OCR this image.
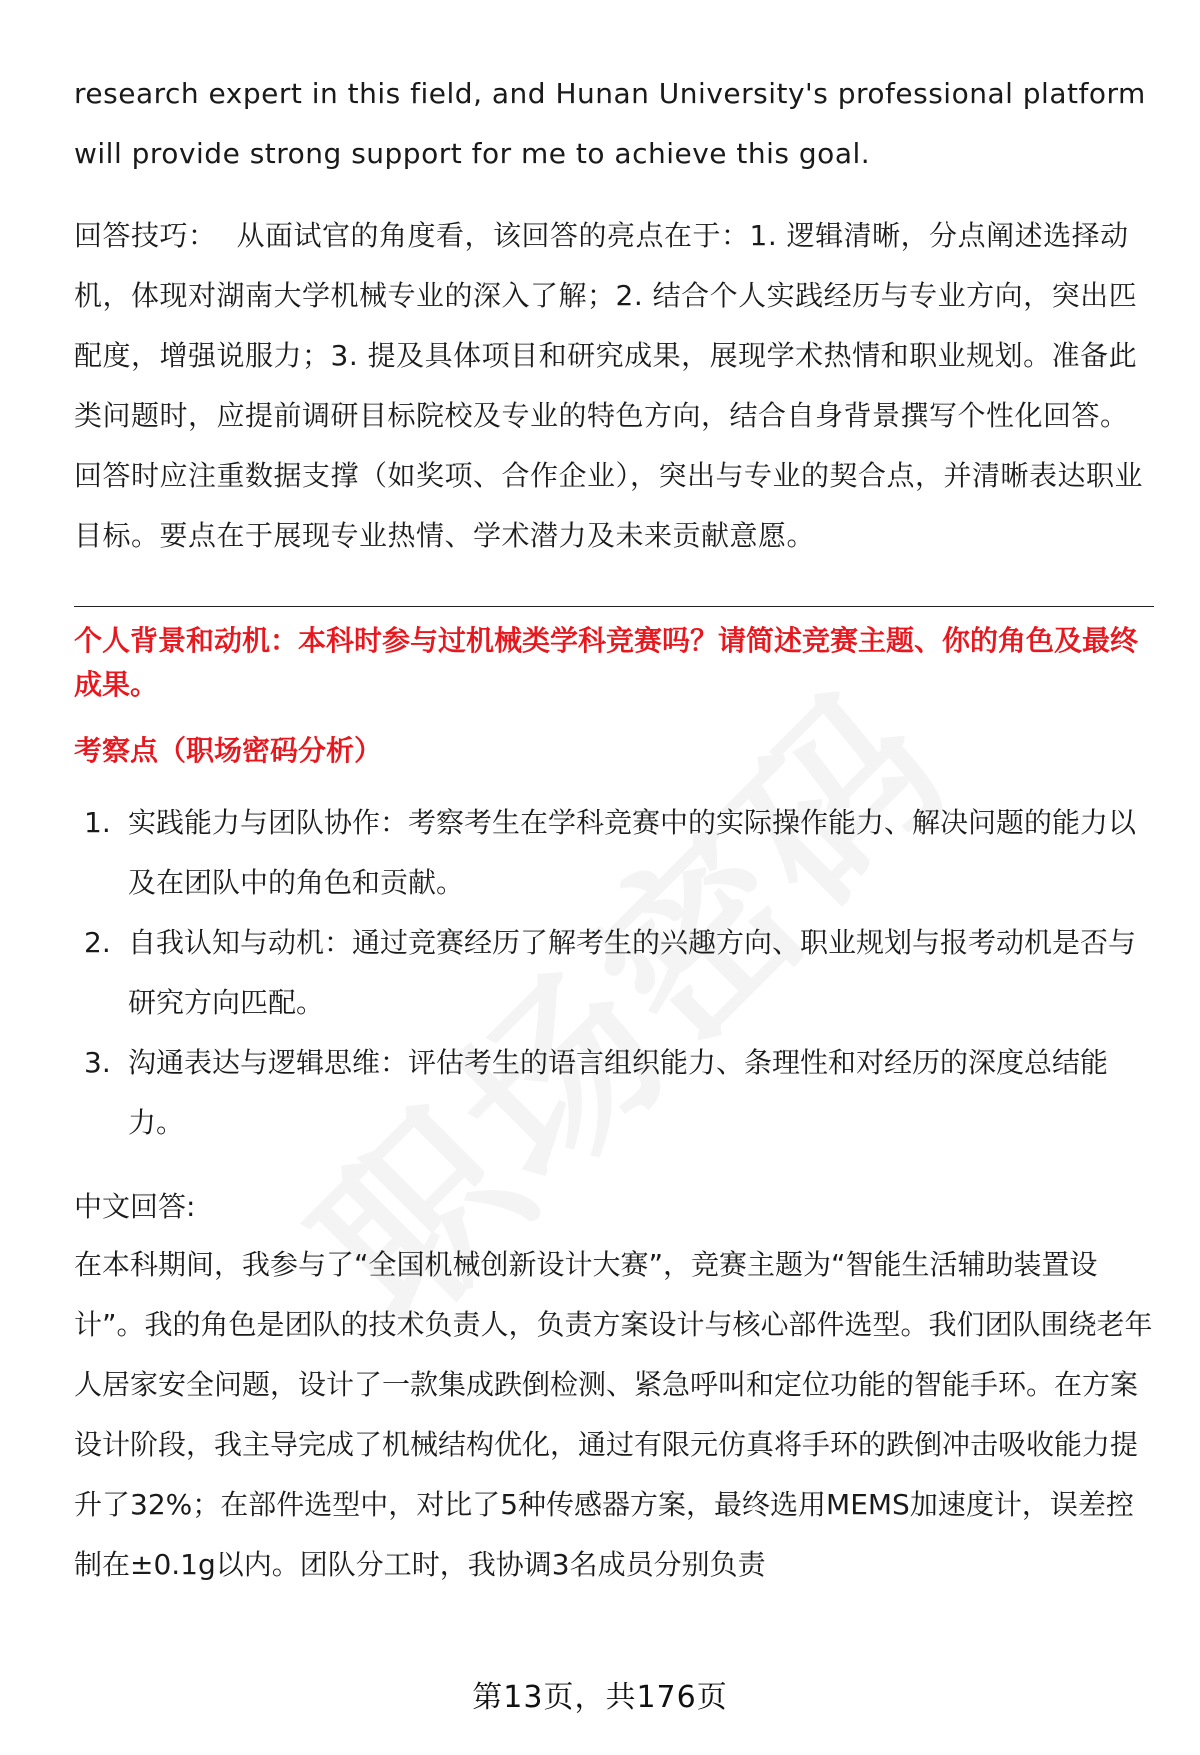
research expert in this field, and Hunan University's professional platform will provide strong support for me to achieve this goal.

回答技巧： 从面试官的角度看，该回答的亮点在于：1. 逻辑清晰，分点阐述选择动机，体现对湖南大学机械专业的深入了解；2. 结合个人实践经历与专业方向，突出匹配度，增强说服力；3. 提及具体项目和研究成果，展现学术热情和职业规划。准备此类问题时，应提前调研目标院校及专业的特色方向，结合自身背景撰写个性化回答。回答时应注重数据支撑（如奖项、合作企业），突出与专业的契合点，并清晰表达职业目标。要点在于展现专业热情、学术潜力及未来贡献意愿。

个人背景和动机：本科时参与过机械类学科竞赛吗？请简述竞赛主题、你的角色及最终成果。

考察点（职场密码分析）

1. 实践能力与团队协作：考察考生在学科竞赛中的实际操作能力、解决问题的能力以及在团队中的角色和贡献。
2. 自我认知与动机：通过竞赛经历了解考生的兴趣方向、职业规划与报考动机是否与研究方向匹配。
3. 沟通表达与逻辑思维：评估考生的语言组织能力、条理性和对经历的深度总结能力。

中文回答:

在本科期间，我参与了“全国机械创新设计大赛”，竞赛主题为“智能生活辅助装置设计”。我的角色是团队的技术负责人，负责方案设计与核心部件选型。我们团队围绕老年人居家安全问题，设计了一款集成跌倒检测、紧急呼叫和定位功能的智能手环。在方案设计阶段，我主导完成了机械结构优化，通过有限元仿真将手环的跌倒冲击吸收能力提升了32%；在部件选型中，对比了5种传感器方案，最终选用MEMS加速度计，误差控制在±0.1g以内。团队分工时，我协调3名成员分别负责

第13页，共176页
